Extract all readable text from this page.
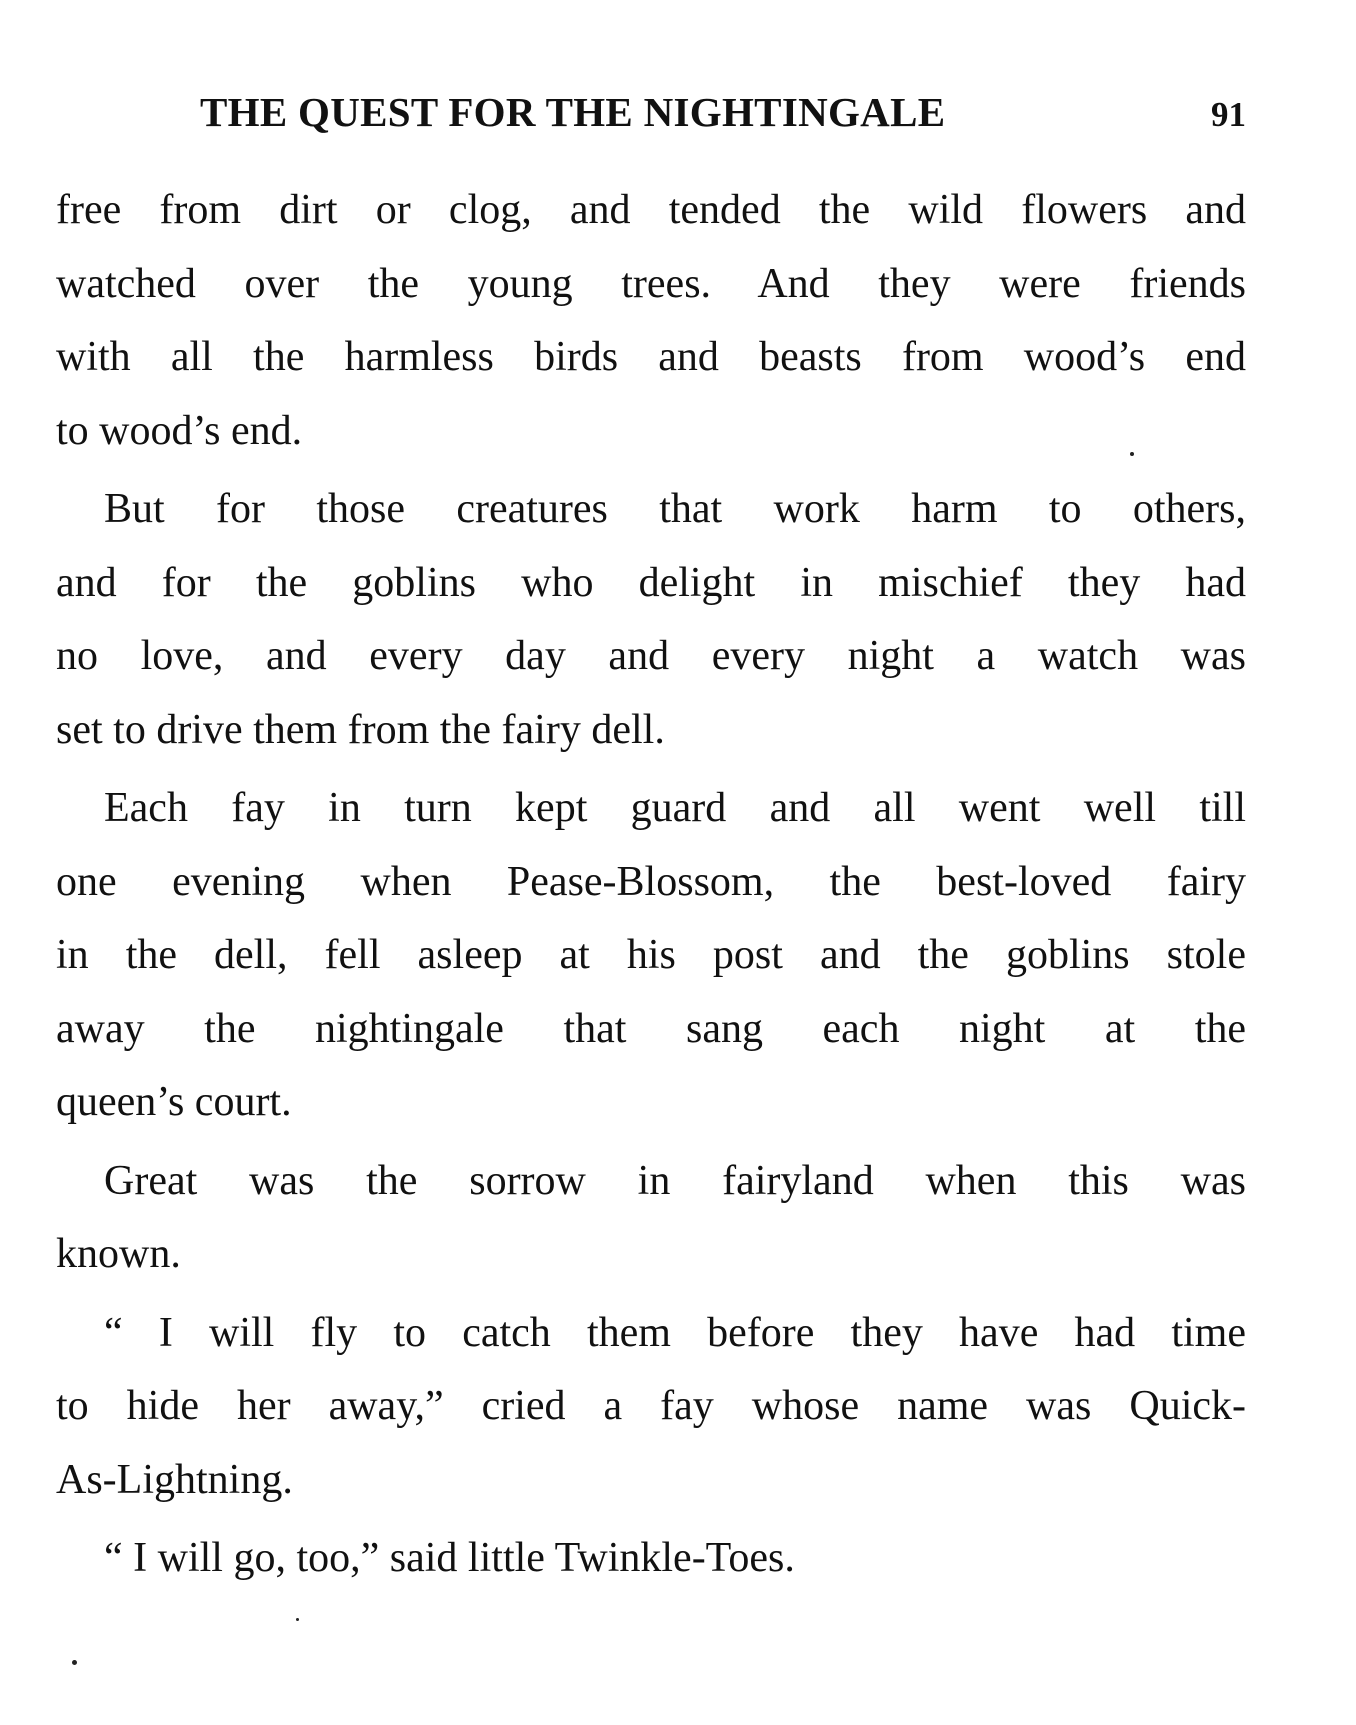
THE QUEST FOR THE NIGHTINGALE	91

free from dirt or clog, and tended the wild flowers and
watched over the young trees. And they were friends
with all the harmless birds and beasts from wood’s end
to wood’s end.

But for those creatures that work harm to others,
and for the goblins who delight in mischief they had
no love, and every day and every night a watch was
set to drive them from the fairy dell.

Each fay in turn kept guard and all went well till
one evening when Pease-Blossom, the best-loved fairy
in the dell, fell asleep at his post and the goblins stole
away the nightingale that sang each night at the
queen’s court.

Great was the sorrow in fairyland when this was
known.

“ I will fly to catch them before they have had time
to hide her away,” cried a fay whose name was Quick-
As-Lightning.

“ I will go, too,” said little Twinkle-Toes.
